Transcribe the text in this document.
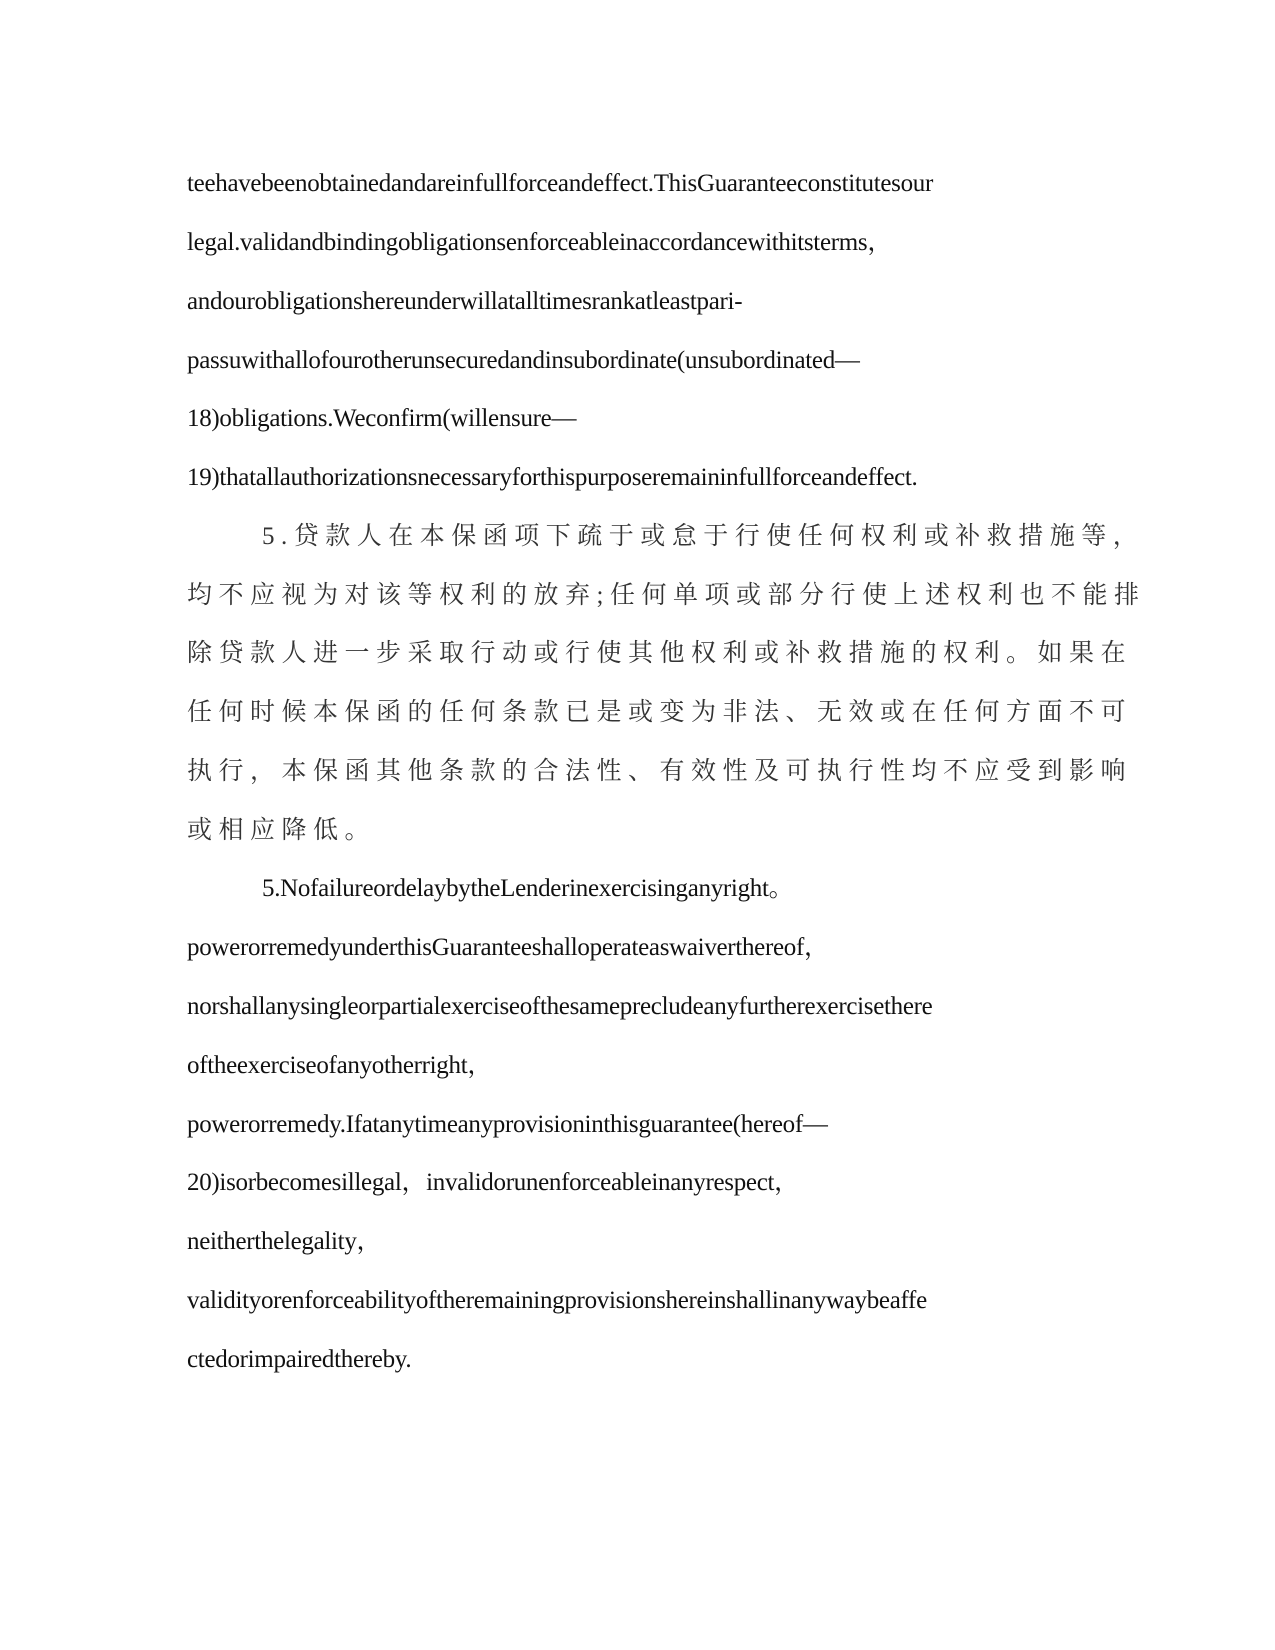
teehavebeenobtainedandareinfullforceandeffect.ThisGuaranteeconstitutesour
legal.validandbindingobligationsenforceableinaccordancewithitsterms，
andourobligationshereunderwillatalltimesrankatleastpari-
passuwithallofourotherunsecuredandinsubordinate(unsubordinated—
18)obligations.Weconfirm(willensure—
19)thatallauthorizationsnecessaryforthispurposeremaininfullforceandeffect.
5.贷款人在本保函项下疏于或怠于行使任何权利或补救措施等，
均不应视为对该等权利的放弃;任何单项或部分行使上述权利也不能排
除贷款人进一步采取行动或行使其他权利或补救措施的权利。如果在
任何时候本保函的任何条款已是或变为非法、无效或在任何方面不可
执行，本保函其他条款的合法性、有效性及可执行性均不应受到影响
或相应降低。
5.NofailureordelaybytheLenderinexercisinganyright。
powerorremedyunderthisGuaranteeshalloperateaswaiverthereof，
norshallanysingleorpartialexerciseofthesameprecludeanyfurtherexercisethere
oftheexerciseofanyotherright，
powerorremedy.Ifatanytimeanyprovisioninthisguarantee(hereof—
20)isorbecomesillegal，invalidorunenforceableinanyrespect，
neitherthelegality，
validityorenforceabilityoftheremainingprovisionshereinshallinanywaybeaffe
ctedorimpairedthereby.
